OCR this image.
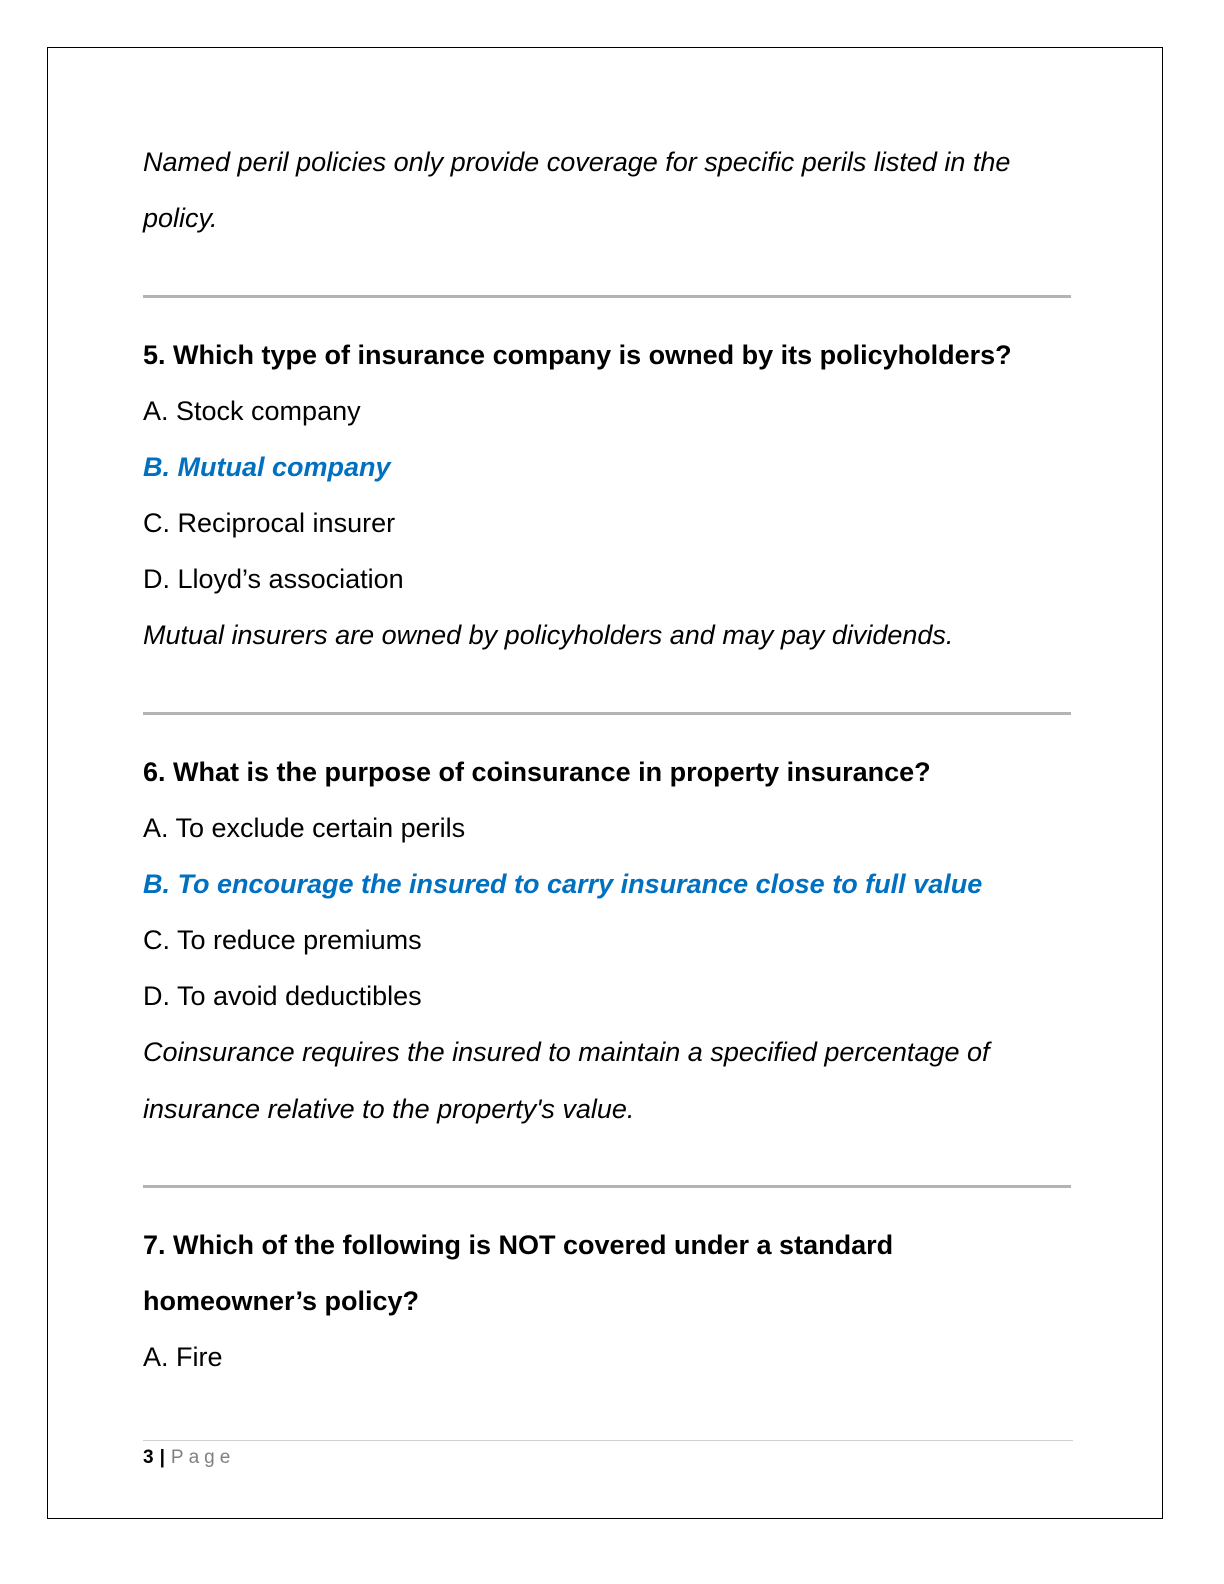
Named peril policies only provide coverage for specific perils listed in the
policy.
5. Which type of insurance company is owned by its policyholders?
A. Stock company
B. Mutual company
C. Reciprocal insurer
D. Lloyd’s association
Mutual insurers are owned by policyholders and may pay dividends.
6. What is the purpose of coinsurance in property insurance?
A. To exclude certain perils
B. To encourage the insured to carry insurance close to full value
C. To reduce premiums
D. To avoid deductibles
Coinsurance requires the insured to maintain a specified percentage of
insurance relative to the property's value.
7. Which of the following is NOT covered under a standard
homeowner’s policy?
A. Fire
3 | Page
